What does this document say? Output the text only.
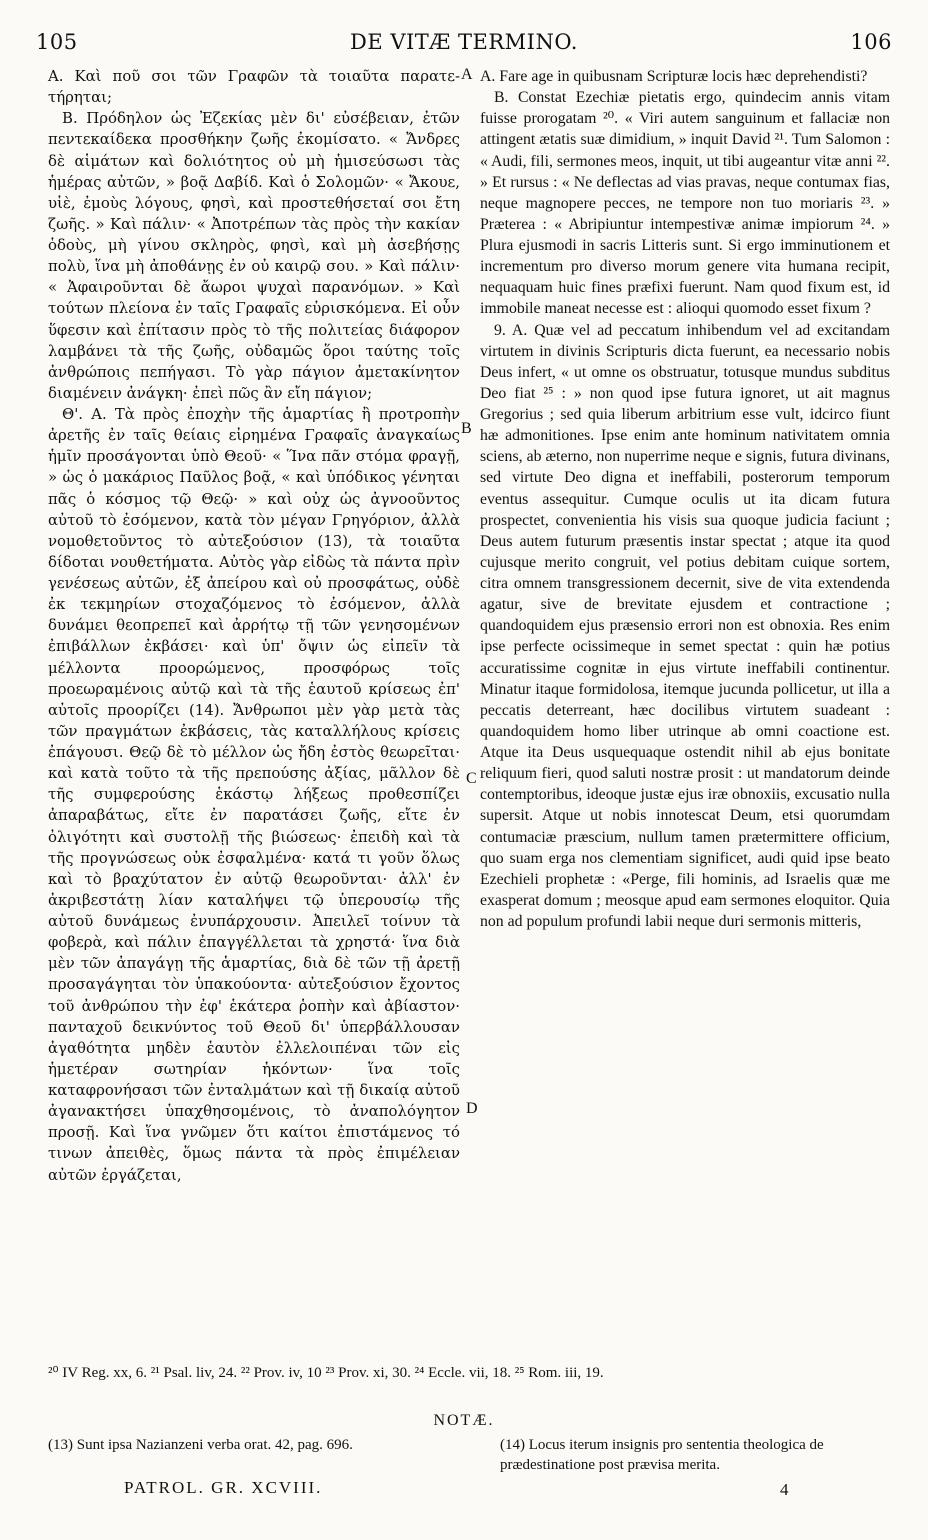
105	DE VITÆ TERMINO.	106

A. Καὶ ποῦ σοι τῶν Γραφῶν τὰ τοιαῦτα παρατε-τήρηται;

B. Πρόδηλον ὡς Ἐζεκίας μὲν δι' εὐσέβειαν, ἐτῶν πεντεκαίδεκα προσθήκην ζωῆς ἐκομίσατο. « Ἄνδρες δὲ αἱμάτων καὶ δολιότητος οὐ μὴ ἡμισεύσωσι τὰς ἡμέρας αὐτῶν, » βοᾷ Δαβίδ. Καὶ ὁ Σολομῶν· « Ἄκουε, υἱὲ, ἐμοὺς λόγους, φησὶ, καὶ προστεθήσεταί σοι ἔτη ζωῆς. » Καὶ πάλιν· « Ἀποτρέπων τὰς πρὸς τὴν κακίαν ὁδοὺς, μὴ γίνου σκληρὸς, φησὶ, καὶ μὴ ἀσεβήσῃς πολὺ, ἵνα μὴ ἀποθάνῃς ἐν οὐ καιρῷ σου. » Καὶ πάλιν· « Ἀφαιροῦνται δὲ ἄωροι ψυχαὶ παρανόμων. » Καὶ τούτων πλείονα ἐν ταῖς Γραφαῖς εὑρισκόμενα. Εἰ οὖν ὕφεσιν καὶ ἐπίτασιν πρὸς τὸ τῆς πολιτείας διάφορον λαμβάνει τὰ τῆς ζωῆς, οὐδαμῶς ὅροι ταύτης τοῖς ἀνθρώποις πεπήγασι. Τὸ γὰρ πάγιον ἀμετακίνητον διαμένειν ἀνάγκη· ἐπεὶ πῶς ἂν εἴη πάγιον;

Θ'. A. Τὰ πρὸς ἐποχὴν τῆς ἁμαρτίας ἢ προτροπὴν ἀρετῆς ἐν ταῖς θείαις εἰρημένα Γραφαῖς ἀναγκαίως ἡμῖν προσάγονται ὑπὸ Θεοῦ· « Ἵνα πᾶν στόμα φραγῇ, » ὡς ὁ μακάριος Παῦλος βοᾷ, « καὶ ὑπόδικος γένηται πᾶς ὁ κόσμος τῷ Θεῷ· » καὶ οὐχ ὡς ἀγνοοῦντος αὐτοῦ τὸ ἐσόμενον, κατὰ τὸν μέγαν Γρηγόριον, ἀλλὰ νομοθετοῦντος τὸ αὐτεξούσιον (13), τὰ τοιαῦτα δίδοται νουθετήματα. Αὐτὸς γὰρ εἰδὼς τὰ πάντα πρὶν γενέσεως αὐτῶν, ἐξ ἀπείρου καὶ οὐ προσφάτως, οὐδὲ ἐκ τεκμηρίων στοχαζόμενος τὸ ἐσόμενον, ἀλλὰ δυνάμει θεοπρεπεῖ καὶ ἀρρήτῳ τῇ τῶν γενησομένων ἐπιβάλλων ἐκβάσει· καὶ ὑπ' ὄψιν ὡς εἰπεῖν τὰ μέλλοντα προορώμενος, προσφόρως τοῖς προεωραμένοις αὐτῷ καὶ τὰ τῆς ἑαυτοῦ κρίσεως ἐπ' αὐτοῖς προορίζει (14). Ἄνθρωποι μὲν γὰρ μετὰ τὰς τῶν πραγμάτων ἐκβάσεις, τὰς καταλλήλους κρίσεις ἐπάγουσι. Θεῷ δὲ τὸ μέλλον ὡς ἤδη ἐστὸς θεωρεῖται· καὶ κατὰ τοῦτο τὰ τῆς πρεπούσης ἀξίας, μᾶλλον δὲ τῆς συμφερούσης ἑκάστῳ λήξεως προθεσπίζει ἀπαραβάτως, εἴτε ἐν παρατάσει ζωῆς, εἴτε ἐν ὀλιγότητι καὶ συστολῇ τῆς βιώσεως· ἐπειδὴ καὶ τὰ τῆς προγνώσεως οὐκ ἐσφαλμένα· κατά τι γοῦν ὅλως καὶ τὸ βραχύτατον ἐν αὐτῷ θεωροῦνται· ἀλλ' ἐν ἀκριβεστάτῃ λίαν καταλήψει τῷ ὑπερουσίῳ τῆς αὐτοῦ δυνάμεως ἐνυπάρχουσιν. Ἀπειλεῖ τοίνυν τὰ φοβερὰ, καὶ πάλιν ἐπαγγέλλεται τὰ χρηστά· ἵνα διὰ μὲν τῶν ἀπαγάγῃ τῆς ἁμαρτίας, διὰ δὲ τῶν τῇ ἀρετῇ προσαγάγηται τὸν ὑπακούοντα· αὐτεξούσιον ἔχοντος τοῦ ἀνθρώπου τὴν ἐφ' ἑκάτερα ῥοπὴν καὶ ἀβίαστον· πανταχοῦ δεικνύντος τοῦ Θεοῦ δι' ὑπερβάλλουσαν ἀγαθότητα μηδὲν ἑαυτὸν ἐλλελοιπέναι τῶν εἰς ἡμετέραν σωτηρίαν ἡκόντων· ἵνα τοῖς καταφρονήσασι τῶν ἐνταλμάτων καὶ τῇ δικαίᾳ αὐτοῦ ἀγανακτήσει ὑπαχθησομένοις, τὸ ἀναπολόγητον προσῇ. Καὶ ἵνα γνῶμεν ὅτι καίτοι ἐπιστάμενος τό τινων ἀπειθὲς, ὅμως πάντα τὰ πρὸς ἐπιμέλειαν αὐτῶν ἐργάζεται,

A
B
C
D

A. Fare age in quibusnam Scripturæ locis hæc deprehendisti?

B. Constat Ezechiæ pietatis ergo, quindecim annis vitam fuisse prorogatam ²⁰. « Viri autem sanguinum et fallaciæ non attingent ætatis suæ dimidium, » inquit David ²¹. Tum Salomon : « Audi, fili, sermones meos, inquit, ut tibi augeantur vitæ anni ²². » Et rursus : « Ne deflectas ad vias pravas, neque contumax fias, neque magnopere pecces, ne tempore non tuo moriaris ²³. » Præterea : « Abripiuntur intempestivæ animæ impiorum ²⁴. » Plura ejusmodi in sacris Litteris sunt. Si ergo imminutionem et incrementum pro diverso morum genere vita humana recipit, nequaquam huic fines præfixi fuerunt. Nam quod fixum est, id immobile maneat necesse est : alioqui quomodo esset fixum ?

9. A. Quæ vel ad peccatum inhibendum vel ad excitandam virtutem in divinis Scripturis dicta fuerunt, ea necessario nobis Deus infert, « ut omne os obstruatur, totusque mundus subditus Deo fiat ²⁵ : » non quod ipse futura ignoret, ut ait magnus Gregorius ; sed quia liberum arbitrium esse vult, idcirco fiunt hæ admonitiones. Ipse enim ante hominum nativitatem omnia sciens, ab æterno, non nuperrime neque e signis, futura divinans, sed virtute Deo digna et ineffabili, posterorum temporum eventus assequitur. Cumque oculis ut ita dicam futura prospectet, convenientia his visis sua quoque judicia faciunt ; Deus autem futurum præsentis instar spectat ; atque ita quod cujusque merito congruit, vel potius debitam cuique sortem, citra omnem transgressionem decernit, sive de vita extendenda agatur, sive de brevitate ejusdem et contractione ; quandoquidem ejus præsensio errori non est obnoxia. Res enim ipse perfecte ocissimeque in semet spectat : quin hæ potius accuratissime cognitæ in ejus virtute ineffabili continentur. Minatur itaque formidolosa, itemque jucunda pollicetur, ut illa a peccatis deterreant, hæc docilibus virtutem suadeant : quandoquidem homo liber utrinque ab omni coactione est. Atque ita Deus usquequaque ostendit nihil ab ejus bonitate reliquum fieri, quod saluti nostræ prosit : ut mandatorum deinde contemptoribus, ideoque justæ ejus iræ obnoxiis, excusatio nulla supersit. Atque ut nobis innotescat Deum, etsi quorumdam contumaciæ præscium, nullum tamen prætermittere officium, quo suam erga nos clementiam significet, audi quid ipse beato Ezechieli prophetæ : «Perge, fili hominis, ad Israelis quæ me exasperat domum ; meosque apud eam sermones eloquitor. Quia non ad populum profundi labii neque duri sermonis mitteris,

²⁰ IV Reg. xx, 6. ²¹ Psal. liv, 24. ²² Prov. iv, 10 ²³ Prov. xi, 30. ²⁴ Eccle. vii, 18. ²⁵ Rom. iii, 19.
NOTÆ.
(13) Sunt ipsa Nazianzeni verba orat. 42, pag. 696.	(14) Locus iterum insignis pro sententia theologica de prædestinatione post prævisa merita.
PATROL. GR. XCVIII.	4
